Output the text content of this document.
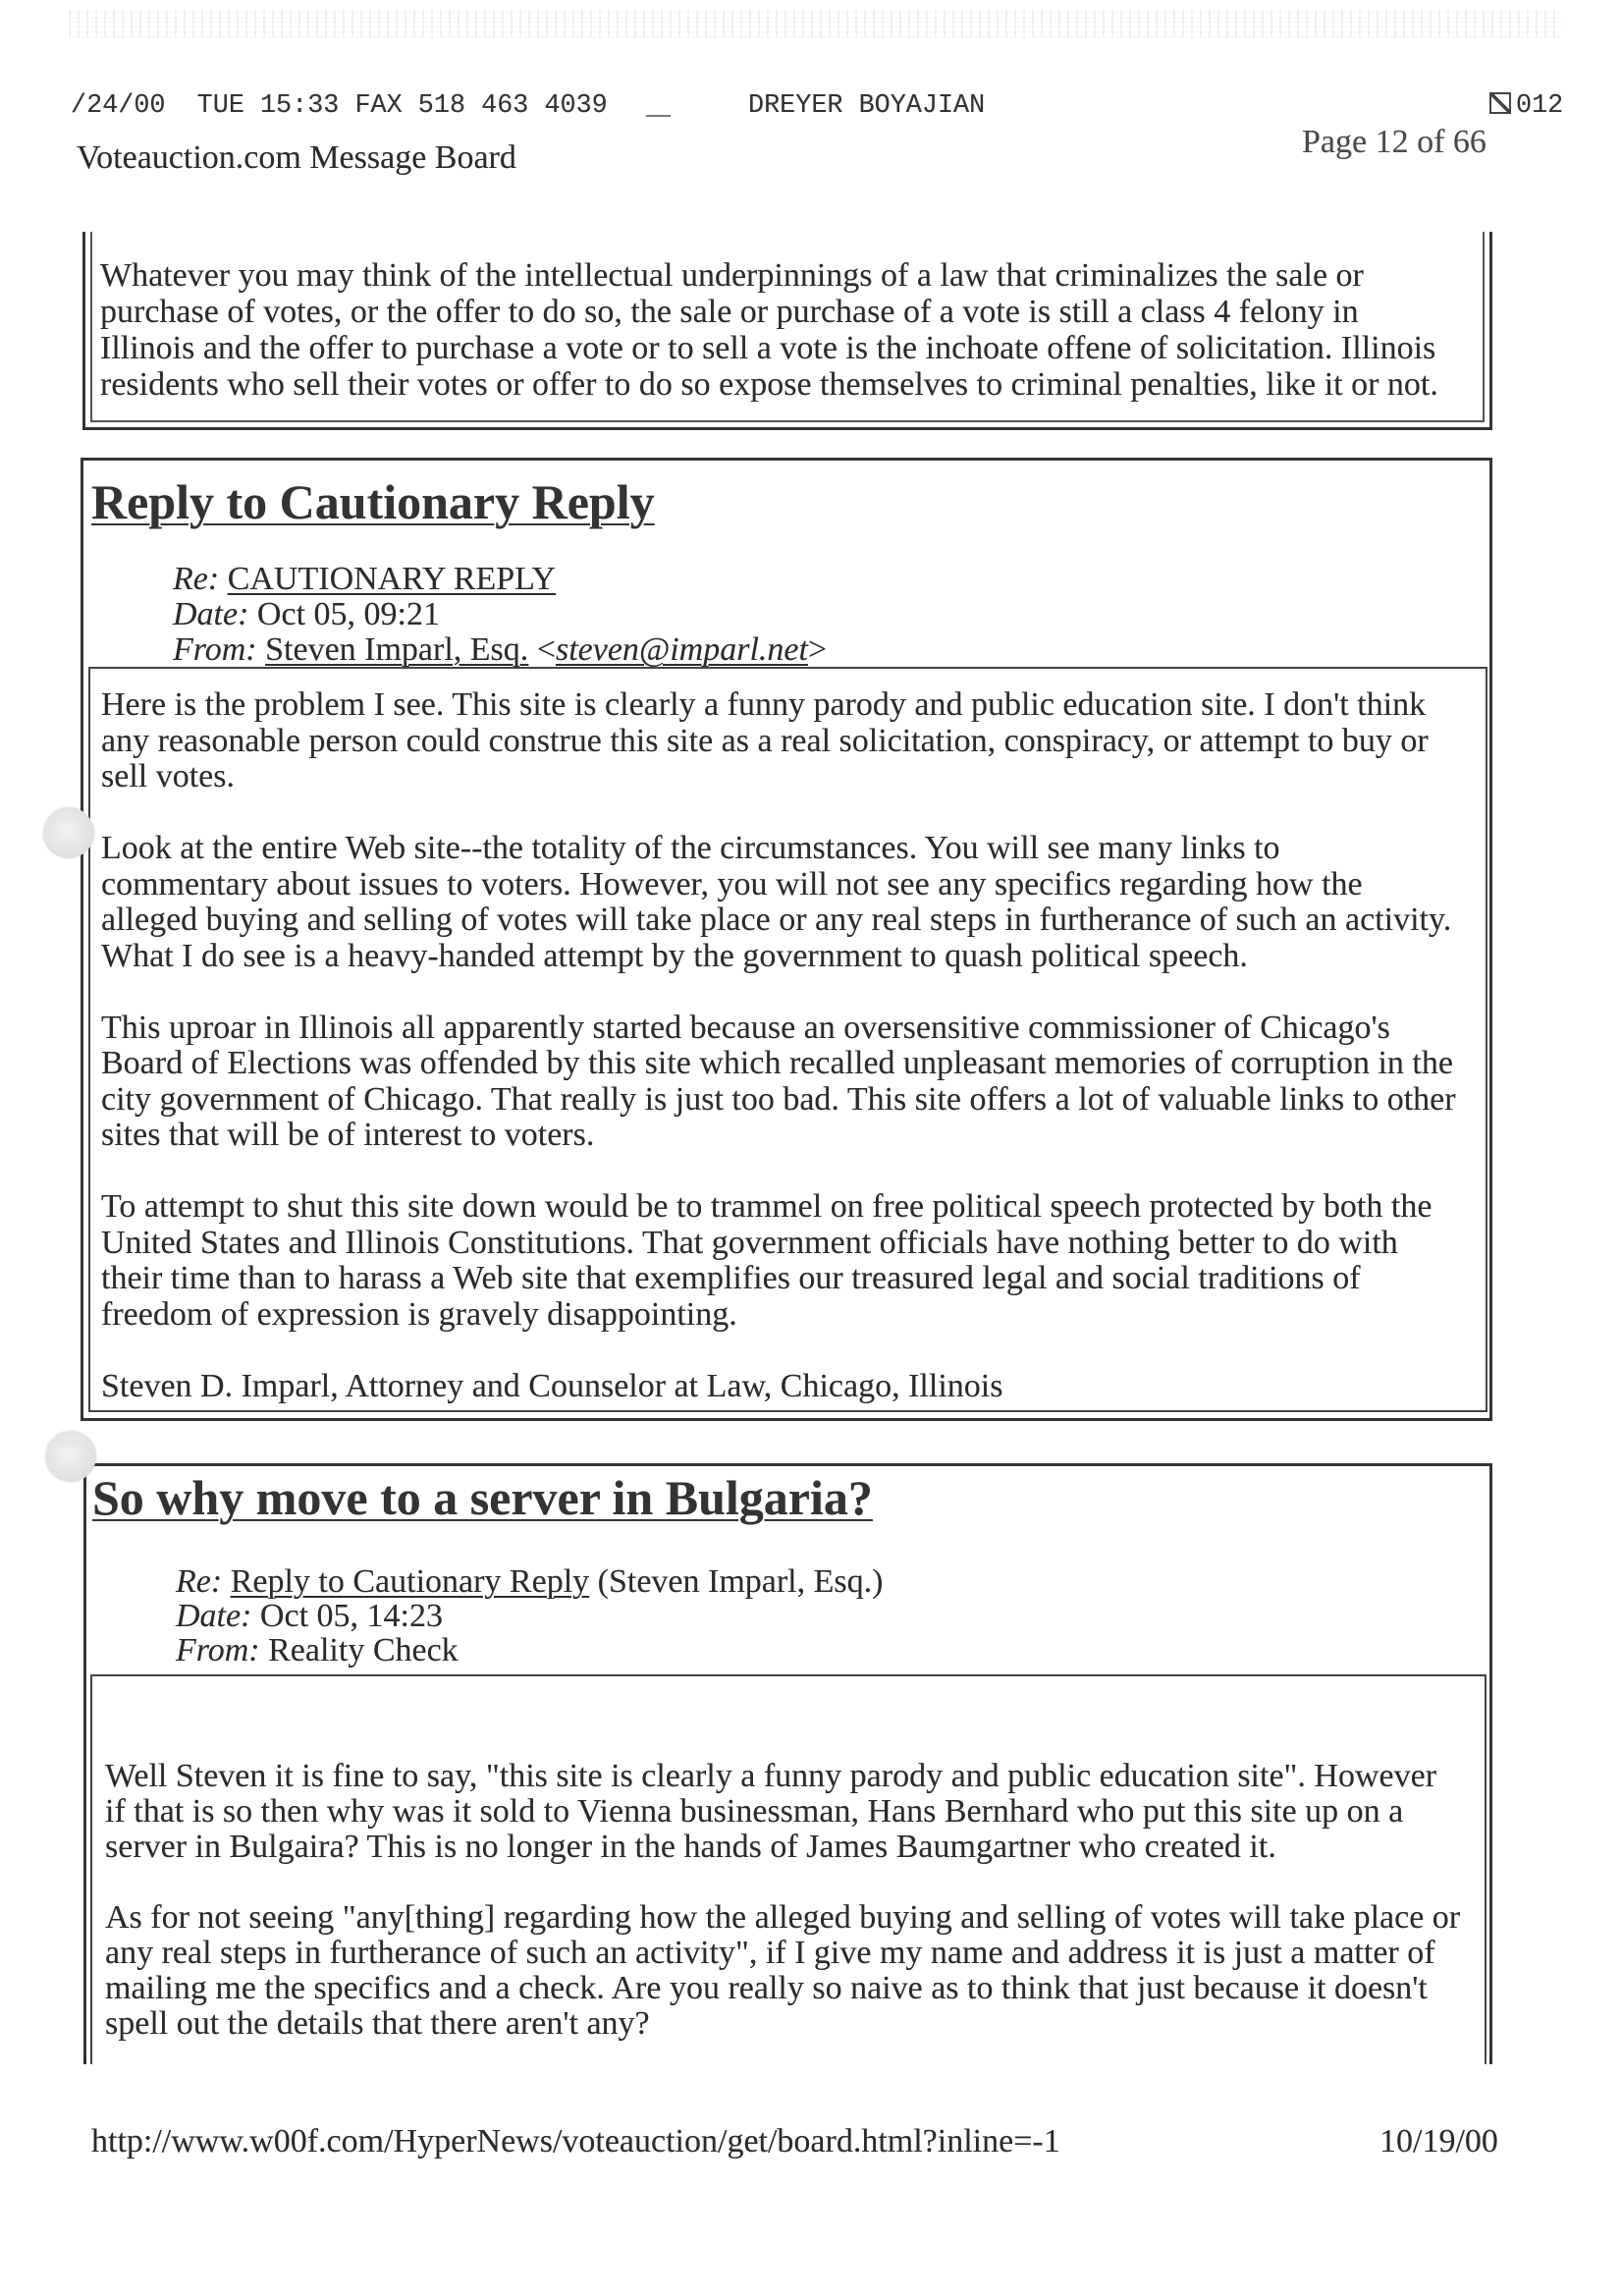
/24/00 TUE 15:33 FAX 518 463 4039	DREYER BOYAJIAN	012
Page 12 of 66
Voteauction.com Message Board
Whatever you may think of the intellectual underpinnings of a law that criminalizes the sale or
purchase of votes, or the offer to do so, the sale or purchase of a vote is still a class 4 felony in
Illinois and the offer to purchase a vote or to sell a vote is the inchoate offene of solicitation. Illinois
residents who sell their votes or offer to do so expose themselves to criminal penalties, like it or not.
Reply to Cautionary Reply
Re: CAUTIONARY REPLY
Date: Oct 05, 09:21
From: Steven Imparl, Esq. <steven@imparl.net>
Here is the problem I see. This site is clearly a funny parody and public education site. I don't think
any reasonable person could construe this site as a real solicitation, conspiracy, or attempt to buy or
sell votes.
Look at the entire Web site--the totality of the circumstances. You will see many links to
commentary about issues to voters. However, you will not see any specifics regarding how the
alleged buying and selling of votes will take place or any real steps in furtherance of such an activity.
What I do see is a heavy-handed attempt by the government to quash political speech.
This uproar in Illinois all apparently started because an oversensitive commissioner of Chicago's
Board of Elections was offended by this site which recalled unpleasant memories of corruption in the
city government of Chicago. That really is just too bad. This site offers a lot of valuable links to other
sites that will be of interest to voters.
To attempt to shut this site down would be to trammel on free political speech protected by both the
United States and Illinois Constitutions. That government officials have nothing better to do with
their time than to harass a Web site that exemplifies our treasured legal and social traditions of
freedom of expression is gravely disappointing.
Steven D. Imparl, Attorney and Counselor at Law, Chicago, Illinois
So why move to a server in Bulgaria?
Re: Reply to Cautionary Reply (Steven Imparl, Esq.)
Date: Oct 05, 14:23
From: Reality Check
Well Steven it is fine to say, "this site is clearly a funny parody and public education site". However
if that is so then why was it sold to Vienna businessman, Hans Bernhard who put this site up on a
server in Bulgaira? This is no longer in the hands of James Baumgartner who created it.
As for not seeing "any[thing] regarding how the alleged buying and selling of votes will take place or
any real steps in furtherance of such an activity", if I give my name and address it is just a matter of
mailing me the specifics and a check. Are you really so naive as to think that just because it doesn't
spell out the details that there aren't any?
http://www.w00f.com/HyperNews/voteauction/get/board.html?inline=-1	10/19/00
